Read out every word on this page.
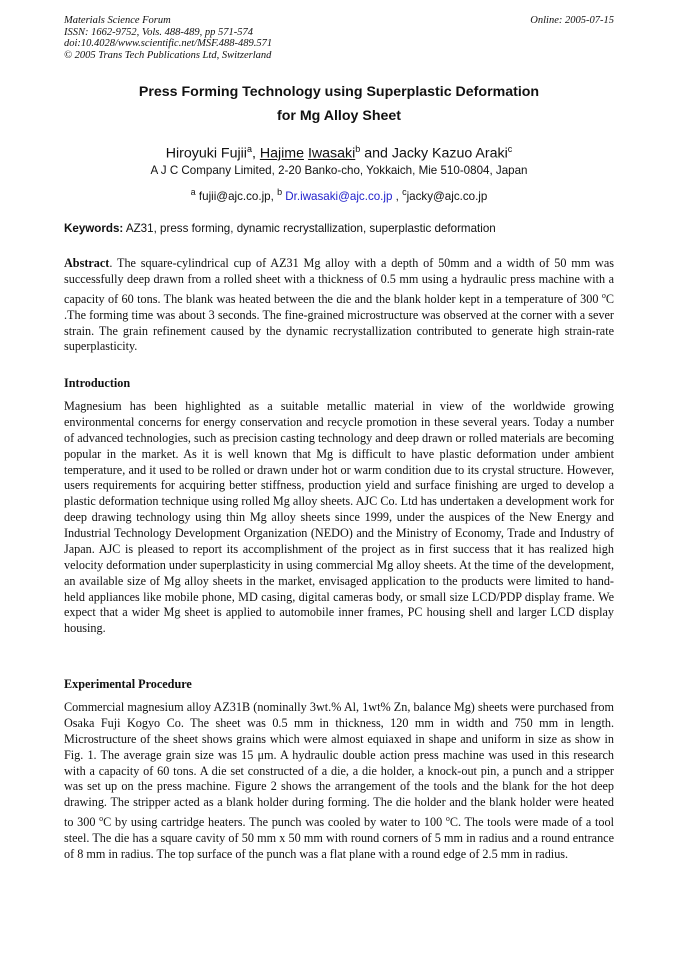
Materials Science Forum
ISSN: 1662-9752, Vols. 488-489, pp 571-574
doi:10.4028/www.scientific.net/MSF.488-489.571
© 2005 Trans Tech Publications Ltd, Switzerland
Online: 2005-07-15
Press Forming Technology using Superplastic Deformation
for Mg Alloy Sheet
Hiroyuki Fujii$^a$, Hajime Iwasaki$^b$ and Jacky Kazuo Araki$^c$
A J C Company Limited, 2-20 Banko-cho, Yokkaich, Mie 510-0804, Japan
$^a$ fujii@ajc.co.jp, $^b$ Dr.iwasaki@ajc.co.jp , $^c$jacky@ajc.co.jp
Keywords: AZ31, press forming, dynamic recrystallization, superplastic deformation
Abstract. The square-cylindrical cup of AZ31 Mg alloy with a depth of 50mm and a width of 50 mm was successfully deep drawn from a rolled sheet with a thickness of 0.5 mm using a hydraulic press machine with a capacity of 60 tons. The blank was heated between the die and the blank holder kept in a temperature of 300 $^o$C .The forming time was about 3 seconds. The fine-grained microstructure was observed at the corner with a sever strain. The grain refinement caused by the dynamic recrystallization contributed to generate high strain-rate superplasticity.
Introduction
Magnesium has been highlighted as a suitable metallic material in view of the worldwide growing environmental concerns for energy conservation and recycle promotion in these several years. Today a number of advanced technologies, such as precision casting technology and deep drawn or rolled materials are becoming popular in the market. As it is well known that Mg is difficult to have plastic deformation under ambient temperature, and it used to be rolled or drawn under hot or warm condition due to its crystal structure. However, users requirements for acquiring better stiffness, production yield and surface finishing are urged to develop a plastic deformation technique using rolled Mg alloy sheets. AJC Co. Ltd has undertaken a development work for deep drawing technology using thin Mg alloy sheets since 1999, under the auspices of the New Energy and Industrial Technology Development Organization (NEDO) and the Ministry of Economy, Trade and Industry of Japan. AJC is pleased to report its accomplishment of the project as in first success that it has realized high velocity deformation under superplasticity in using commercial Mg alloy sheets. At the time of the development, an available size of Mg alloy sheets in the market, envisaged application to the products were limited to hand-held appliances like mobile phone, MD casing, digital cameras body, or small size LCD/PDP display frame. We expect that a wider Mg sheet is applied to automobile inner frames, PC housing shell and larger LCD display housing.
Experimental Procedure
Commercial magnesium alloy AZ31B (nominally 3wt.% Al, 1wt% Zn, balance Mg) sheets were purchased from Osaka Fuji Kogyo Co. The sheet was 0.5 mm in thickness, 120 mm in width and 750 mm in length. Microstructure of the sheet shows grains which were almost equiaxed in shape and uniform in size as show in Fig. 1. The average grain size was 15 μm. A hydraulic double action press machine was used in this research with a capacity of 60 tons. A die set constructed of a die, a die holder, a knock-out pin, a punch and a stripper was set up on the press machine. Figure 2 shows the arrangement of the tools and the blank for the hot deep drawing. The stripper acted as a blank holder during forming. The die holder and the blank holder were heated to 300 $^o$C by using cartridge heaters. The punch was cooled by water to 100 $^o$C. The tools were made of a tool steel. The die has a square cavity of 50 mm x 50 mm with round corners of 5 mm in radius and a round entrance of 8 mm in radius. The top surface of the punch was a flat plane with a round edge of 2.5 mm in radius.
